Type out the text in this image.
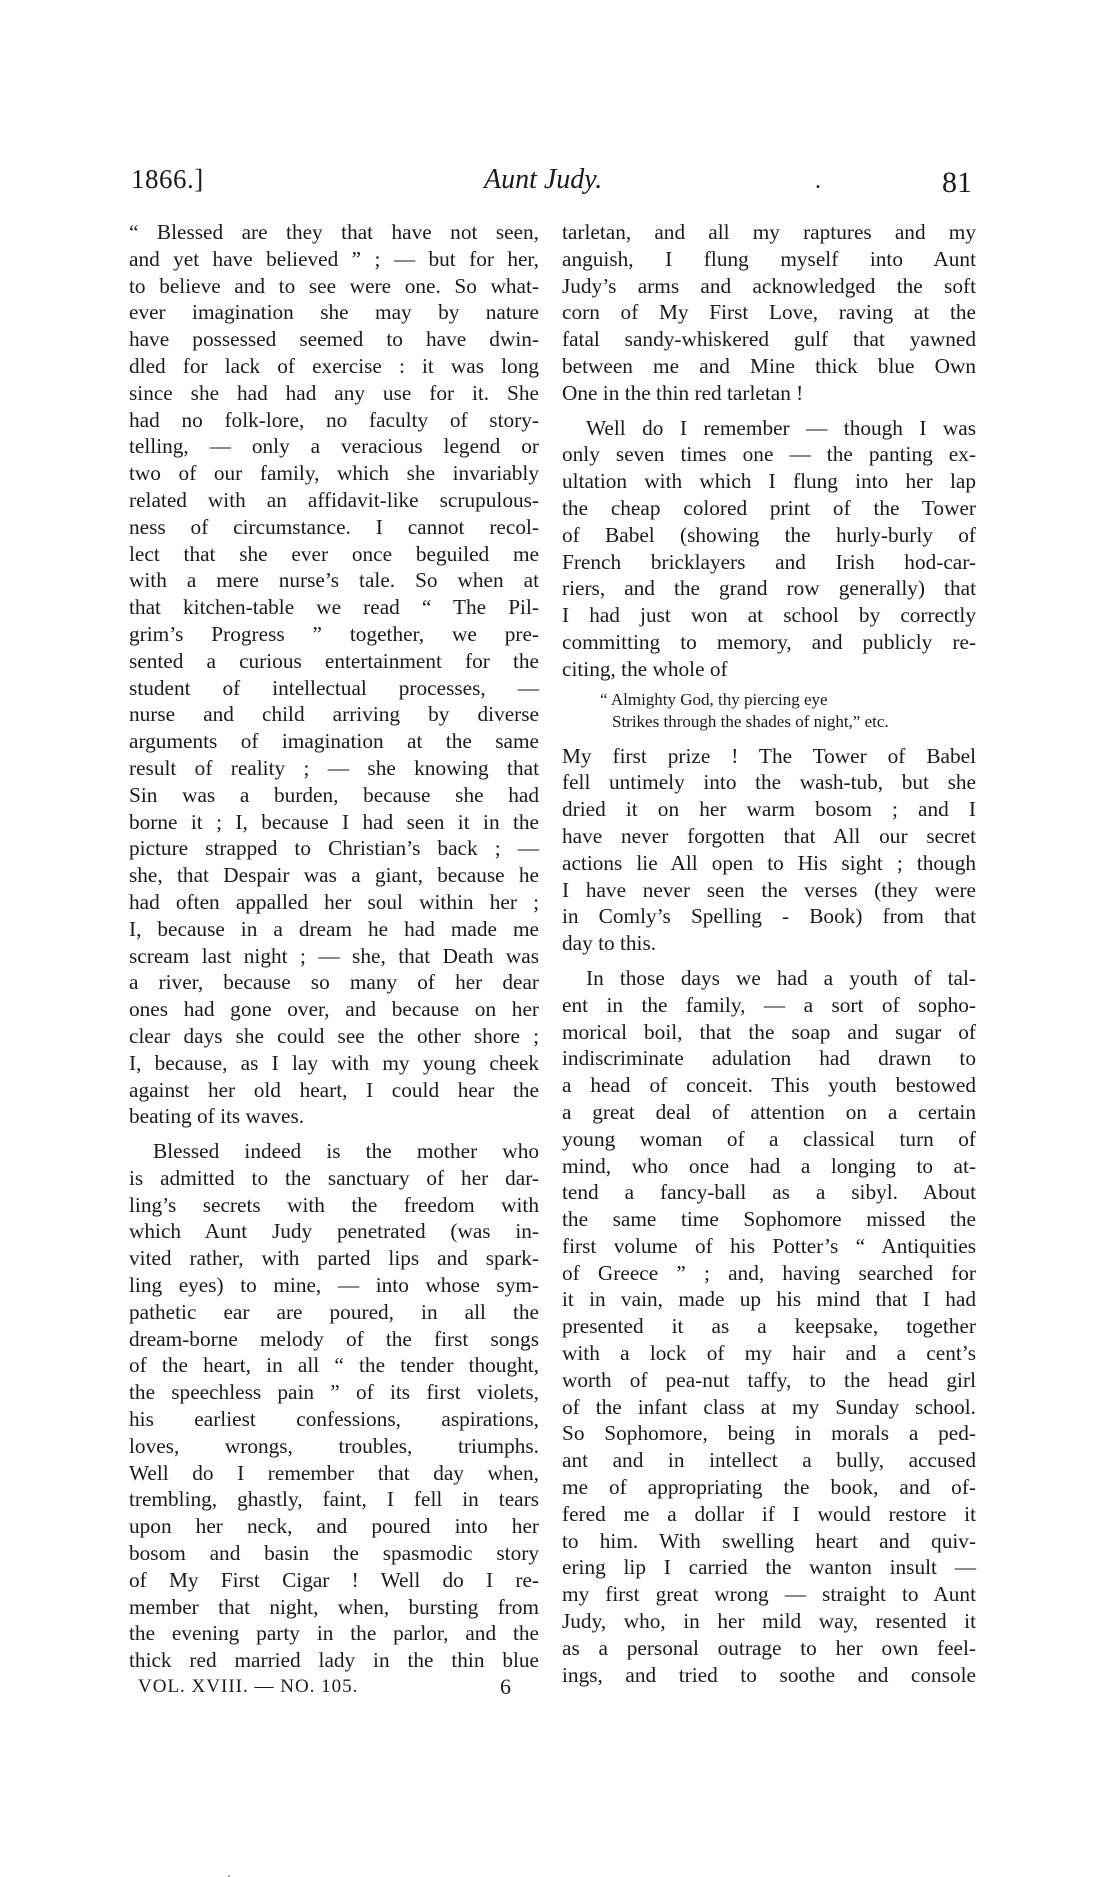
1866.]	Aunt Judy.	.	81
“ Blessed are they that have not seen,
and yet have believed ” ; — but for her,
to believe and to see were one. So what-
ever imagination she may by nature
have possessed seemed to have dwin-
dled for lack of exercise : it was long
since she had had any use for it. She
had no folk-lore, no faculty of story-
telling, — only a veracious legend or
two of our family, which she invariably
related with an affidavit-like scrupulous-
ness of circumstance. I cannot recol-
lect that she ever once beguiled me
with a mere nurse’s tale. So when at
that kitchen-table we read “ The Pil-
grim’s Progress ” together, we pre-
sented a curious entertainment for the
student of intellectual processes, —
nurse and child arriving by diverse
arguments of imagination at the same
result of reality ; — she knowing that
Sin was a burden, because she had
borne it ; I, because I had seen it in the
picture strapped to Christian’s back ; —
she, that Despair was a giant, because he
had often appalled her soul within her ;
I, because in a dream he had made me
scream last night ; — she, that Death was
a river, because so many of her dear
ones had gone over, and because on her
clear days she could see the other shore ;
I, because, as I lay with my young cheek
against her old heart, I could hear the
beating of its waves.
Blessed indeed is the mother who
is admitted to the sanctuary of her dar-
ling’s secrets with the freedom with
which Aunt Judy penetrated (was in-
vited rather, with parted lips and spark-
ling eyes) to mine, — into whose sym-
pathetic ear are poured, in all the
dream-borne melody of the first songs
of the heart, in all “ the tender thought,
the speechless pain ” of its first violets,
his earliest confessions, aspirations,
loves, wrongs, troubles, triumphs.
Well do I remember that day when,
trembling, ghastly, faint, I fell in tears
upon her neck, and poured into her
bosom and basin the spasmodic story
of My First Cigar ! Well do I re-
member that night, when, bursting from
the evening party in the parlor, and the
thick red married lady in the thin blue
tarletan, and all my raptures and my
anguish, I flung myself into Aunt
Judy’s arms and acknowledged the soft
corn of My First Love, raving at the
fatal sandy-whiskered gulf that yawned
between me and Mine thick blue Own
One in the thin red tarletan !
Well do I remember — though I was
only seven times one — the panting ex-
ultation with which I flung into her lap
the cheap colored print of the Tower
of Babel (showing the hurly-burly of
French bricklayers and Irish hod-car-
riers, and the grand row generally) that
I had just won at school by correctly
committing to memory, and publicly re-
citing, the whole of
“ Almighty God, thy piercing eye
Strikes through the shades of night,” etc.
My first prize ! The Tower of Babel
fell untimely into the wash-tub, but she
dried it on her warm bosom ; and I
have never forgotten that All our secret
actions lie All open to His sight ; though
I have never seen the verses (they were
in Comly’s Spelling - Book) from that
day to this.
In those days we had a youth of tal-
ent in the family, — a sort of sopho-
morical boil, that the soap and sugar of
indiscriminate adulation had drawn to
a head of conceit. This youth bestowed
a great deal of attention on a certain
young woman of a classical turn of
mind, who once had a longing to at-
tend a fancy-ball as a sibyl. About
the same time Sophomore missed the
first volume of his Potter’s “ Antiquities
of Greece ” ; and, having searched for
it in vain, made up his mind that I had
presented it as a keepsake, together
with a lock of my hair and a cent’s
worth of pea-nut taffy, to the head girl
of the infant class at my Sunday school.
So Sophomore, being in morals a ped-
ant and in intellect a bully, accused
me of appropriating the book, and of-
fered me a dollar if I would restore it
to him. With swelling heart and quiv-
ering lip I carried the wanton insult —
my first great wrong — straight to Aunt
Judy, who, in her mild way, resented it
as a personal outrage to her own feel-
ings, and tried to soothe and console
VOL. XVIII. — NO. 105.	6
